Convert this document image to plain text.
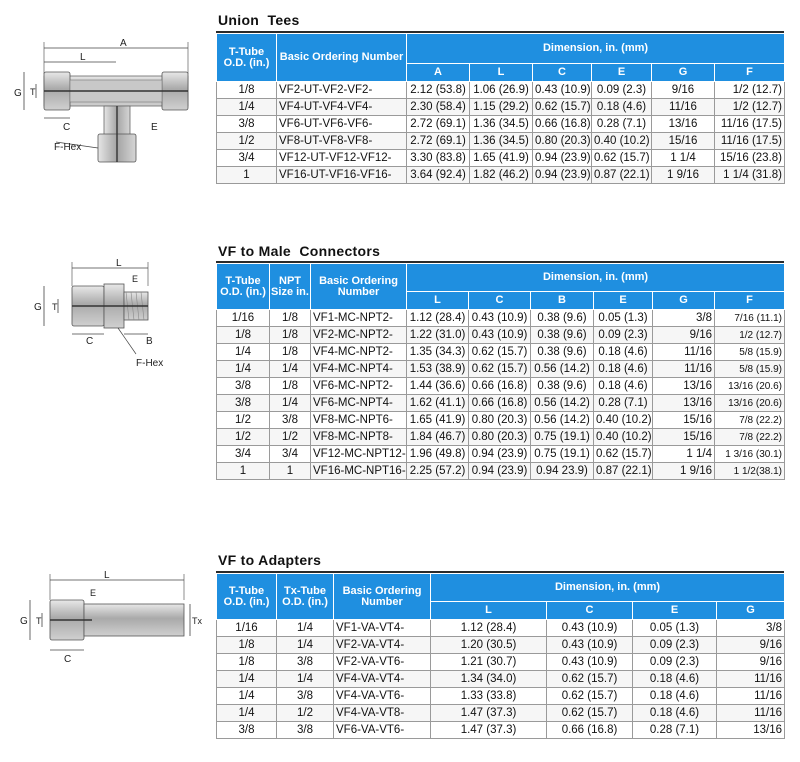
Union  Tees
A
L
G T
C	E
F-Hex
T-Tube O.D. (in.)	Basic Ordering Number	Dimension, in. (mm)					
		A	L	C	E	G	F
1/8	VF2-UT-VF2-VF2-	2.12 (53.8)	1.06 (26.9)	0.43 (10.9)	0.09 (2.3)	9/16	1/2 (12.7)
1/4	VF4-UT-VF4-VF4-	2.30 (58.4)	1.15 (29.2)	0.62 (15.7)	0.18 (4.6)	11/16	1/2 (12.7)
3/8	VF6-UT-VF6-VF6-	2.72 (69.1)	1.36 (34.5)	0.66 (16.8)	0.28 (7.1)	13/16	11/16 (17.5)
1/2	VF8-UT-VF8-VF8-	2.72 (69.1)	1.36 (34.5)	0.80 (20.3)	0.40 (10.2)	15/16	11/16 (17.5)
3/4	VF12-UT-VF12-VF12-	3.30 (83.8)	1.65 (41.9)	0.94 (23.9)	0.62 (15.7)	1 1/4	15/16 (23.8)
1	VF16-UT-VF16-VF16-	3.64 (92.4)	1.82 (46.2)	0.94 (23.9)	0.87 (22.1)	1 9/16	1 1/4 (31.8)
VF to Male  Connectors
L
E
G T
C	B
F-Hex
T-Tube O.D. (in.)	NPT Size in.	Basic Ordering Number	Dimension, in. (mm)					
			L	C	B	E	G	F
1/16	1/8	VF1-MC-NPT2-	1.12 (28.4)	0.43 (10.9)	0.38 (9.6)	0.05 (1.3)	3/8	7/16 (11.1)
1/8	1/8	VF2-MC-NPT2-	1.22 (31.0)	0.43 (10.9)	0.38 (9.6)	0.09 (2.3)	9/16	1/2 (12.7)
1/4	1/8	VF4-MC-NPT2-	1.35 (34.3)	0.62 (15.7)	0.38 (9.6)	0.18 (4.6)	11/16	5/8 (15.9)
1/4	1/4	VF4-MC-NPT4-	1.53 (38.9)	0.62 (15.7)	0.56 (14.2)	0.18 (4.6)	11/16	5/8 (15.9)
3/8	1/8	VF6-MC-NPT2-	1.44 (36.6)	0.66 (16.8)	0.38 (9.6)	0.18 (4.6)	13/16	13/16 (20.6)
3/8	1/4	VF6-MC-NPT4-	1.62 (41.1)	0.66 (16.8)	0.56 (14.2)	0.28 (7.1)	13/16	13/16 (20.6)
1/2	3/8	VF8-MC-NPT6-	1.65 (41.9)	0.80 (20.3)	0.56 (14.2)	0.40 (10.2)	15/16	7/8 (22.2)
1/2	1/2	VF8-MC-NPT8-	1.84 (46.7)	0.80 (20.3)	0.75 (19.1)	0.40 (10.2)	15/16	7/8 (22.2)
3/4	3/4	VF12-MC-NPT12-	1.96 (49.8)	0.94 (23.9)	0.75 (19.1)	0.62 (15.7)	1 1/4	1 3/16 (30.1)
1	1	VF16-MC-NPT16-	2.25 (57.2)	0.94 (23.9)	0.94 23.9)	0.87 (22.1)	1 9/16	1 1/2(38.1)
VF to Adapters
L
E
G T
C
Tx
T-Tube O.D. (in.)	Tx-Tube O.D. (in.)	Basic Ordering Number	Dimension, in. (mm)			
			L	C	E	G
1/16	1/4	VF1-VA-VT4-	1.12 (28.4)	0.43 (10.9)	0.05 (1.3)	3/8
1/8	1/4	VF2-VA-VT4-	1.20 (30.5)	0.43 (10.9)	0.09 (2.3)	9/16
1/8	3/8	VF2-VA-VT6-	1.21 (30.7)	0.43 (10.9)	0.09 (2.3)	9/16
1/4	1/4	VF4-VA-VT4-	1.34 (34.0)	0.62 (15.7)	0.18 (4.6)	11/16
1/4	3/8	VF4-VA-VT6-	1.33 (33.8)	0.62 (15.7)	0.18 (4.6)	11/16
1/4	1/2	VF4-VA-VT8-	1.47 (37.3)	0.62 (15.7)	0.18 (4.6)	11/16
3/8	3/8	VF6-VA-VT6-	1.47 (37.3)	0.66 (16.8)	0.28 (7.1)	13/16
